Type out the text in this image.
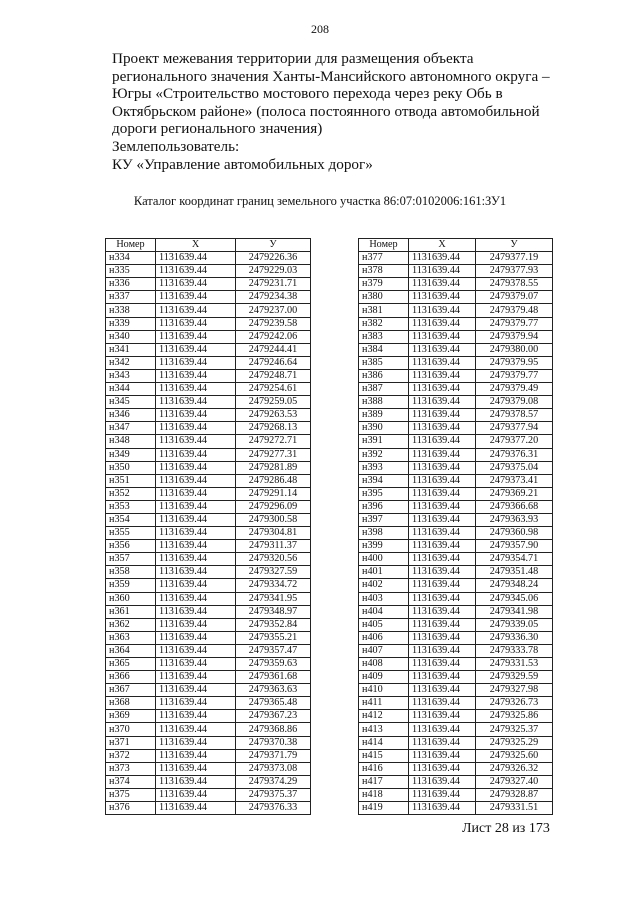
208
Проект межевания территории для размещения объекта
регионального значения Ханты-Мансийского автономного округа –
Югры «Строительство мостового перехода через реку Обь в
Октябрьском районе» (полоса постоянного отвода автомобильной
дороги регионального значения)
Землепользователь:
КУ «Управление автомобильных дорог»
Каталог координат границ земельного участка 86:07:0102006:161:ЗУ1
Номер	Х	У
н334	1131639.44	2479226.36
н335	1131639.44	2479229.03
н336	1131639.44	2479231.71
н337	1131639.44	2479234.38
н338	1131639.44	2479237.00
н339	1131639.44	2479239.58
н340	1131639.44	2479242.06
н341	1131639.44	2479244.41
н342	1131639.44	2479246.64
н343	1131639.44	2479248.71
н344	1131639.44	2479254.61
н345	1131639.44	2479259.05
н346	1131639.44	2479263.53
н347	1131639.44	2479268.13
н348	1131639.44	2479272.71
н349	1131639.44	2479277.31
н350	1131639.44	2479281.89
н351	1131639.44	2479286.48
н352	1131639.44	2479291.14
н353	1131639.44	2479296.09
н354	1131639.44	2479300.58
н355	1131639.44	2479304.81
н356	1131639.44	2479311.37
н357	1131639.44	2479320.56
н358	1131639.44	2479327.59
н359	1131639.44	2479334.72
н360	1131639.44	2479341.95
н361	1131639.44	2479348.97
н362	1131639.44	2479352.84
н363	1131639.44	2479355.21
н364	1131639.44	2479357.47
н365	1131639.44	2479359.63
н366	1131639.44	2479361.68
н367	1131639.44	2479363.63
н368	1131639.44	2479365.48
н369	1131639.44	2479367.23
н370	1131639.44	2479368.86
н371	1131639.44	2479370.38
н372	1131639.44	2479371.79
н373	1131639.44	2479373.08
н374	1131639.44	2479374.29
н375	1131639.44	2479375.37
н376	1131639.44	2479376.33
Номер	Х	У
н377	1131639.44	2479377.19
н378	1131639.44	2479377.93
н379	1131639.44	2479378.55
н380	1131639.44	2479379.07
н381	1131639.44	2479379.48
н382	1131639.44	2479379.77
н383	1131639.44	2479379.94
н384	1131639.44	2479380.00
н385	1131639.44	2479379.95
н386	1131639.44	2479379.77
н387	1131639.44	2479379.49
н388	1131639.44	2479379.08
н389	1131639.44	2479378.57
н390	1131639.44	2479377.94
н391	1131639.44	2479377.20
н392	1131639.44	2479376.31
н393	1131639.44	2479375.04
н394	1131639.44	2479373.41
н395	1131639.44	2479369.21
н396	1131639.44	2479366.68
н397	1131639.44	2479363.93
н398	1131639.44	2479360.98
н399	1131639.44	2479357.90
н400	1131639.44	2479354.71
н401	1131639.44	2479351.48
н402	1131639.44	2479348.24
н403	1131639.44	2479345.06
н404	1131639.44	2479341.98
н405	1131639.44	2479339.05
н406	1131639.44	2479336.30
н407	1131639.44	2479333.78
н408	1131639.44	2479331.53
н409	1131639.44	2479329.59
н410	1131639.44	2479327.98
н411	1131639.44	2479326.73
н412	1131639.44	2479325.86
н413	1131639.44	2479325.37
н414	1131639.44	2479325.29
н415	1131639.44	2479325.60
н416	1131639.44	2479326.32
н417	1131639.44	2479327.40
н418	1131639.44	2479328.87
н419	1131639.44	2479331.51
Лист 28 из 173
